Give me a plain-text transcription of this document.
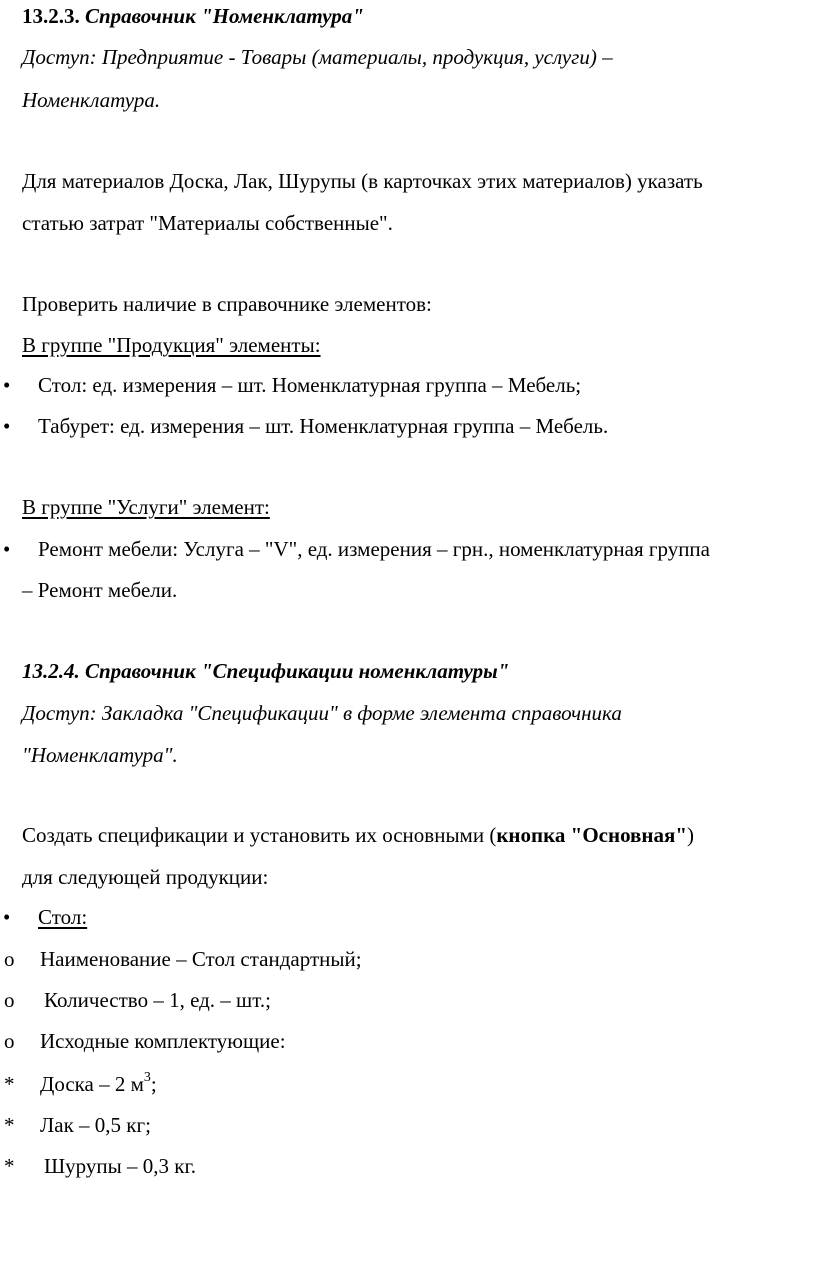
13.2.3. Справочник "Номенклатура"
Доступ: Предприятие - Товары (материалы, продукция, услуги) –
Номенклатура.
Для материалов Доска, Лак, Шурупы (в карточках этих материалов) указать
статью затрат "Материалы собственные".
Проверить наличие в справочнике элементов:
В группе "Продукция" элементы:
• Стол: ед. измерения – шт. Номенклатурная группа – Мебель;
• Табурет: ед. измерения – шт. Номенклатурная группа – Мебель.
В группе "Услуги" элемент:
• Ремонт мебели: Услуга – "V", ед. измерения – грн., номенклатурная группа
– Ремонт мебели.
13.2.4. Справочник "Спецификации номенклатуры"
Доступ: Закладка "Спецификации" в форме элемента справочника
"Номенклатура".
Создать спецификации и установить их основными (кнопка "Основная")
для следующей продукции:
• Стол:
o Наименование – Стол стандартный;
o Количество – 1, ед. – шт.;
o Исходные комплектующие:
* Доска – 2 $м^3$;
* Лак – 0,5 кг;
* Шурупы – 0,3 кг.
